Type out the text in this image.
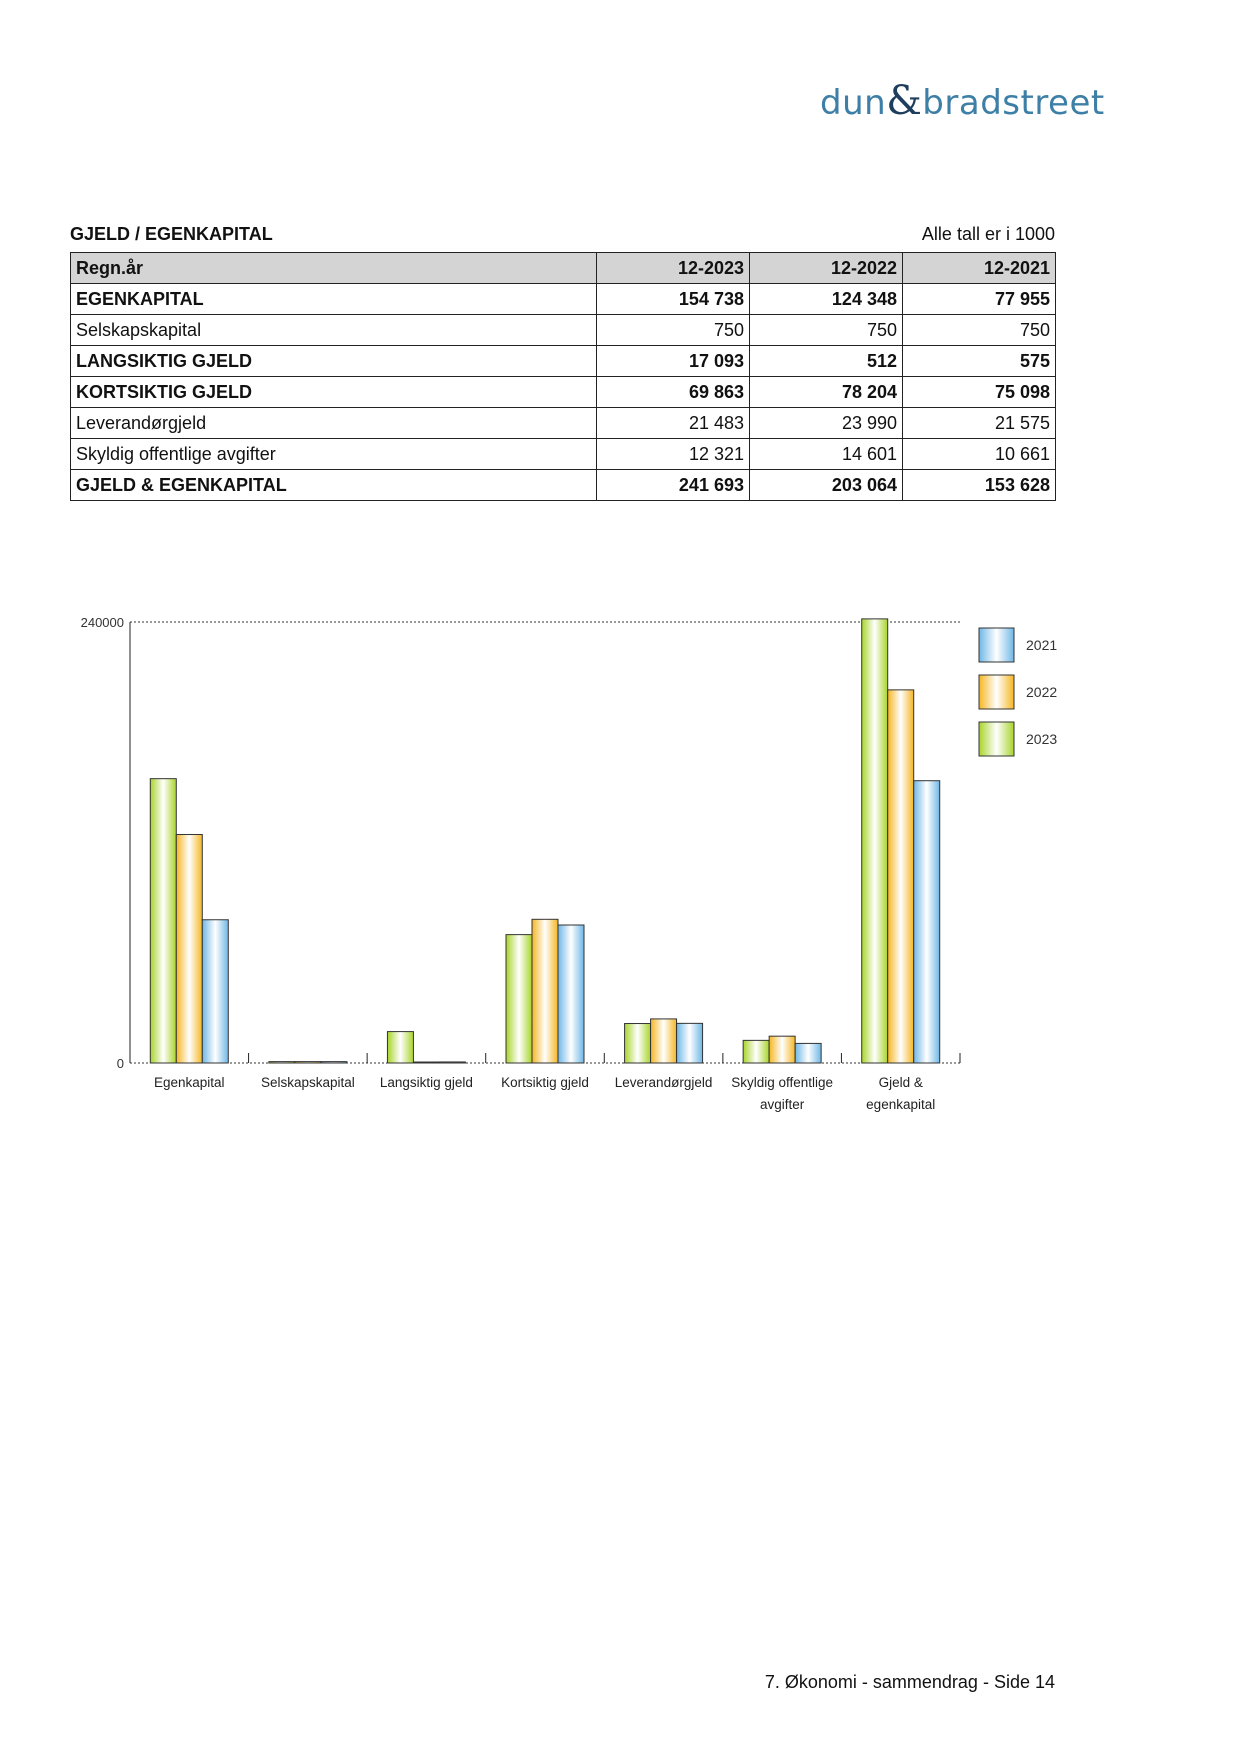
dun&bradstreet
GJELD / EGENKAPITAL	Alle tall er i 1000
Regn.år	12-2023	12-2022	12-2021
EGENKAPITAL	154 738	124 348	77 955
Selskapskapital	750	750	750
LANGSIKTIG GJELD	17 093	512	575
KORTSIKTIG GJELD	69 863	78 204	75 098
Leverandørgjeld	21 483	23 990	21 575
Skyldig offentlige avgifter	12 321	14 601	10 661
GJELD & EGENKAPITAL	241 693	203 064	153 628
0
240000
Egenkapital	Selskapskapital Langsiktig gjeld Kortsiktig gjeld Leverandørgjeld Skyldig offentlige
avgifter
Gjeld &
egenkapital
2021
2022
2023
7. Økonomi - sammendrag - Side 14
